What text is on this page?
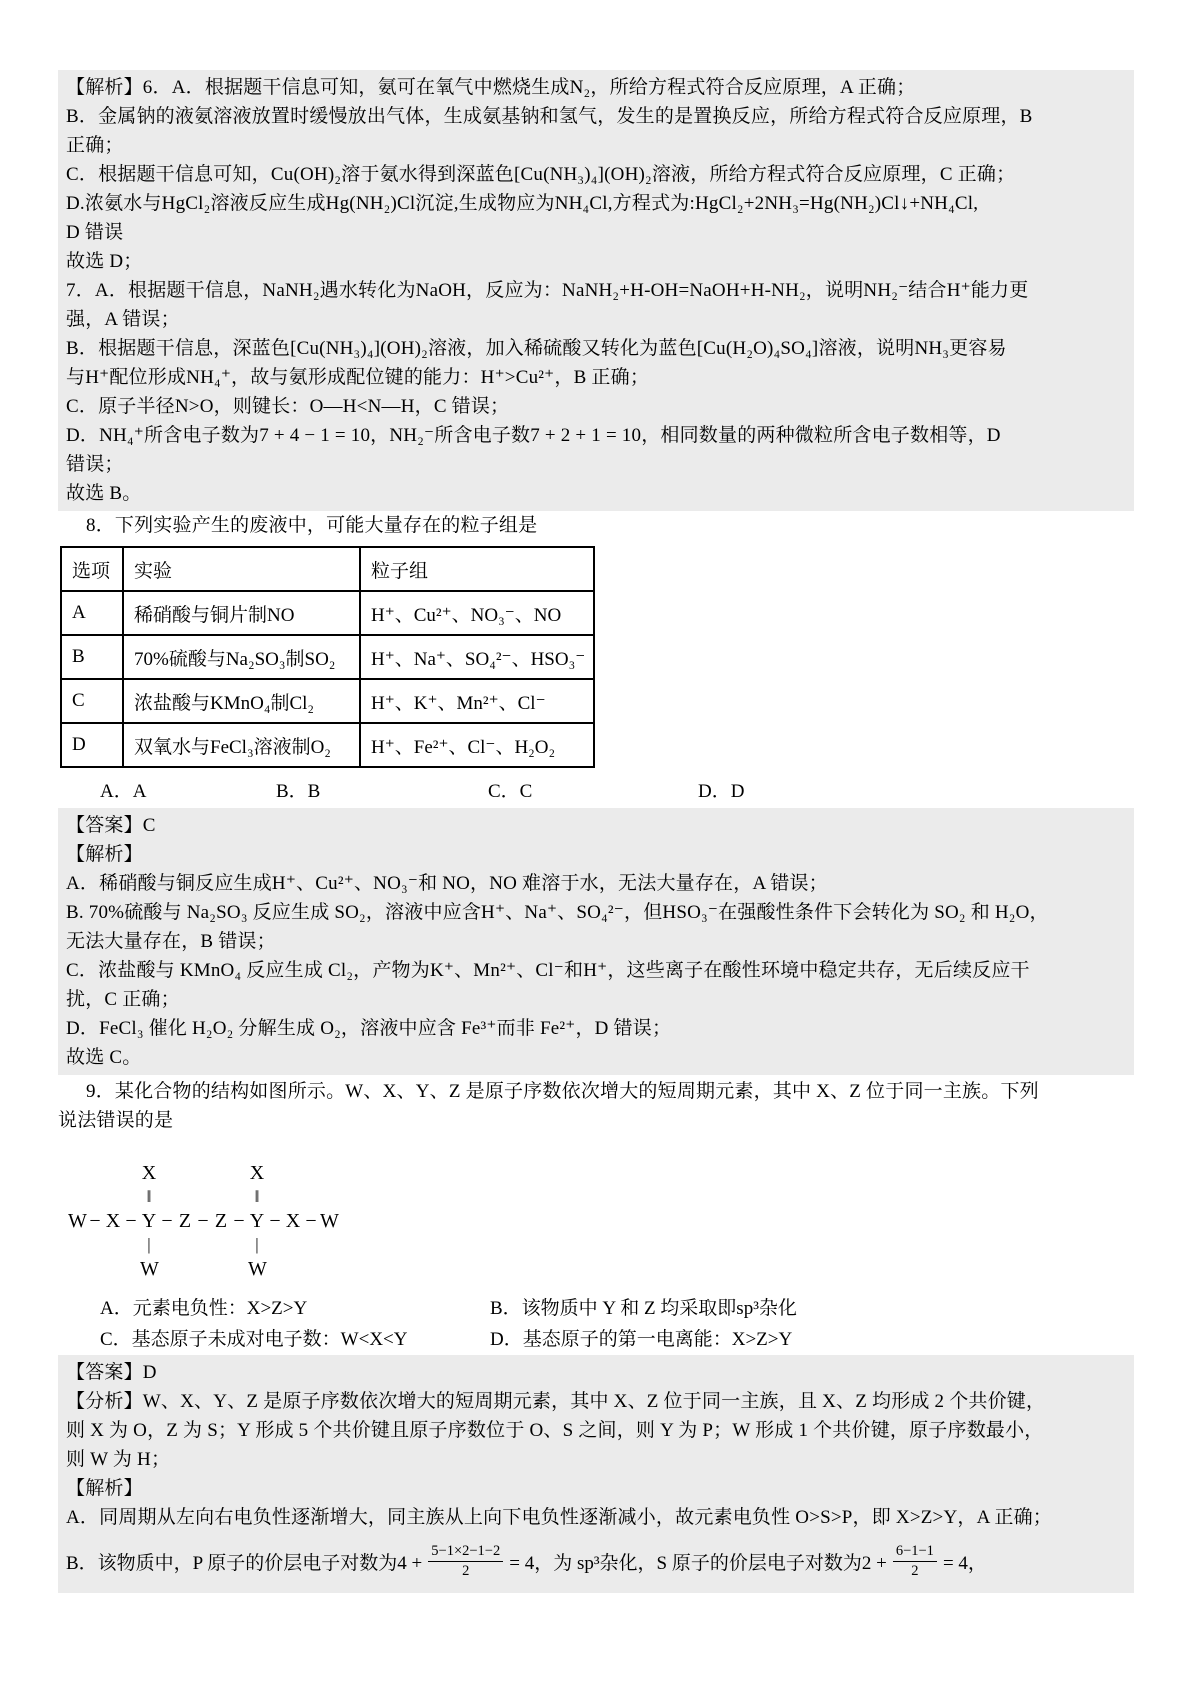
【解析】6．A．根据题干信息可知，氨可在氧气中燃烧生成N₂，所给方程式符合反应原理，A 正确；
B．金属钠的液氨溶液放置时缓慢放出气体，生成氨基钠和氢气，发生的是置换反应，所给方程式符合反应原理，B
正确；
C．根据题干信息可知，Cu(OH)₂溶于氨水得到深蓝色[Cu(NH₃)₄](OH)₂溶液，所给方程式符合反应原理，C 正确；
D.浓氨水与HgCl₂溶液反应生成Hg(NH₂)Cl沉淀,生成物应为NH₄Cl,方程式为:HgCl₂+2NH₃=Hg(NH₂)Cl↓+NH₄Cl,
D 错误
故选 D；
7．A．根据题干信息，NaNH₂遇水转化为NaOH，反应为：NaNH₂+H-OH=NaOH+H-NH₂，说明NH₂⁻结合H⁺能力更
强，A 错误；
B．根据题干信息，深蓝色[Cu(NH₃)₄](OH)₂溶液，加入稀硫酸又转化为蓝色[Cu(H₂O)₄SO₄]溶液，说明NH₃更容易
与H⁺配位形成NH₄⁺，故与氨形成配位键的能力：H⁺>Cu²⁺，B 正确；
C．原子半径N>O，则键长：O—H<N—H，C 错误；
D．NH₄⁺所含电子数为7 + 4 − 1 = 10，NH₂⁻所含电子数7 + 2 + 1 = 10，相同数量的两种微粒所含电子数相等，D
错误；
故选 B。
8．下列实验产生的废液中，可能大量存在的粒子组是
选项	实验	粒子组
A	稀硝酸与铜片制NO	H⁺、Cu²⁺、NO₃⁻、NO
B	70%硫酸与Na₂SO₃制SO₂	H⁺、Na⁺、SO₄²⁻、HSO₃⁻
C	浓盐酸与KMnO₄制Cl₂	H⁺、K⁺、Mn²⁺、Cl⁻
D	双氧水与FeCl₃溶液制O₂	H⁺、Fe²⁺、Cl⁻、H₂O₂
A．A	B．B	C．C	D．D
【答案】C
【解析】
A．稀硝酸与铜反应生成H⁺、Cu²⁺、NO₃⁻和 NO，NO 难溶于水，无法大量存在，A 错误；
B. 70%硫酸与 Na₂SO₃ 反应生成 SO₂，溶液中应含H⁺、Na⁺、SO₄²⁻，但HSO₃⁻在强酸性条件下会转化为 SO₂ 和 H₂O，
无法大量存在，B 错误；
C．浓盐酸与 KMnO₄ 反应生成 Cl₂，产物为K⁺、Mn²⁺、Cl⁻和H⁺，这些离子在酸性环境中稳定共存，无后续反应干
扰，C 正确；
D．FeCl₃ 催化 H₂O₂ 分解生成 O₂，溶液中应含 Fe³⁺而非 Fe²⁺，D 错误；
故选 C。
9．某化合物的结构如图所示。W、X、Y、Z 是原子序数依次增大的短周期元素，其中 X、Z 位于同一主族。下列
说法错误的是

X

	X

‖

	‖

W − X − Y − Z − Z − Y − X − W

|

	|

W

	W

A．元素电负性：X>Z>Y	B．该物质中 Y 和 Z 均采取即sp³杂化
C．基态原子未成对电子数：W<X<Y	D．基态原子的第一电离能：X>Z>Y
【答案】D
【分析】W、X、Y、Z 是原子序数依次增大的短周期元素，其中 X、Z 位于同一主族，且 X、Z 均形成 2 个共价键，
则 X 为 O，Z 为 S；Y 形成 5 个共价键且原子序数位于 O、S 之间，则 Y 为 P；W 形成 1 个共价键，原子序数最小，
则 W 为 H；
【解析】
A．同周期从左向右电负性逐渐增大，同主族从上向下电负性逐渐减小，故元素电负性 O>S>P，即 X>Z>Y，A 正确；
B．该物质中，P 原子的价层电子对数为$4 + \frac{5-1\times 2-1-2}{2} = 4$，为 sp³杂化，S 原子的价层电子对数为$2 + \frac{6-1-1}{2} = 4$，
